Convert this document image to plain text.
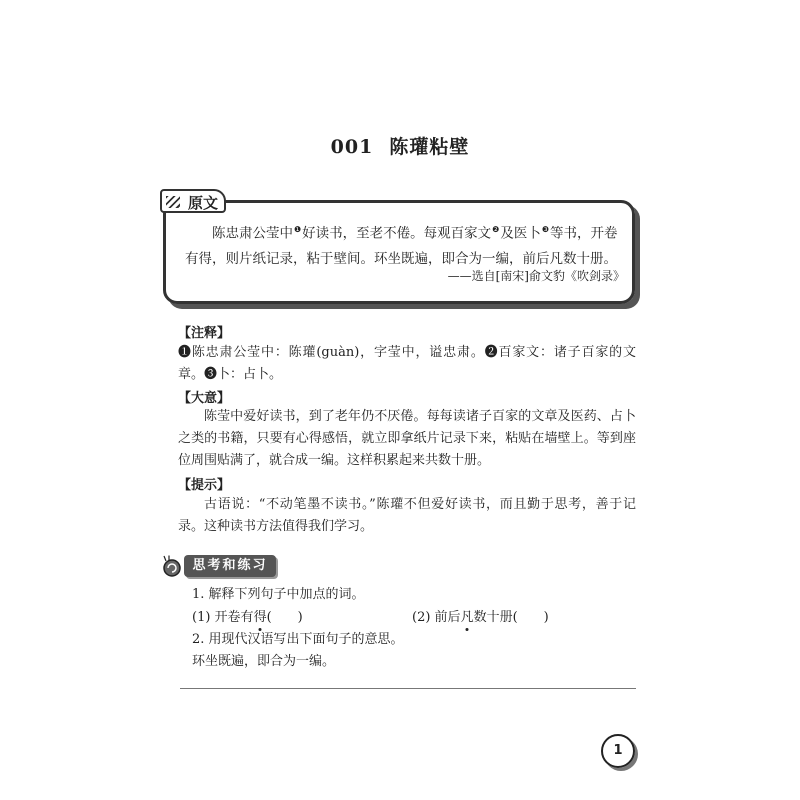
001 陈瓘粘壁
原文
陈忠肃公莹中$^❶$好读书，至老不倦。每观百家文$^❷$及医卜$^❸$等书，开卷有得，则片纸记录，粘于壁间。环坐既遍，即合为一编，前后凡数十册。
——选自[南宋]俞文豹《吹剑录》
【注释】
❶陈忠肃公莹中：陈瓘(guàn)，字莹中，谥忠肃。❷百家文：诸子百家的文章。❸卜：占卜。
【大意】
陈莹中爱好读书，到了老年仍不厌倦。每每读诸子百家的文章及医药、占卜之类的书籍，只要有心得感悟，就立即拿纸片记录下来，粘贴在墙壁上。等到座位周围贴满了，就合成一编。这样积累起来共数十册。
【提示】
古语说：“不动笔墨不读书。”陈瓘不但爱好读书，而且勤于思考，善于记录。这种读书方法值得我们学习。
思考和练习
1. 解释下列句子中加点的词。
(1) 开卷有得(　　)	(2) 前后凡数十册(　　)
2. 用现代汉语写出下面句子的意思。
环坐既遍，即合为一编。
1
